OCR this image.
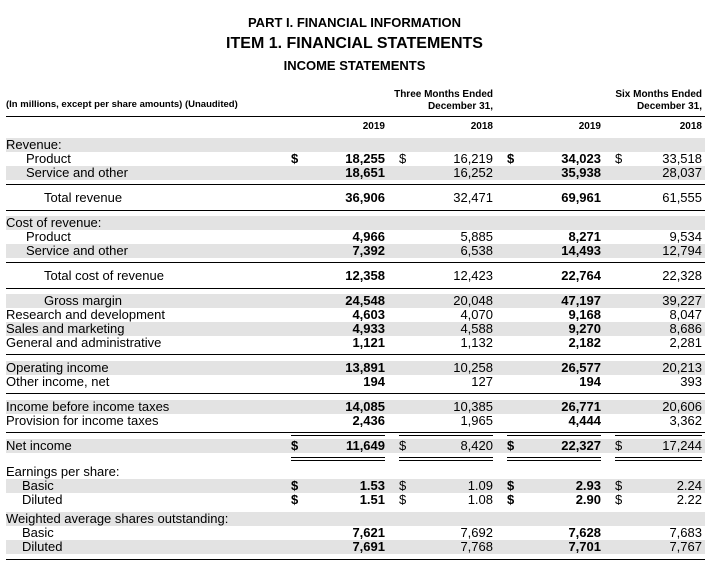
PART I. FINANCIAL INFORMATION
ITEM 1. FINANCIAL STATEMENTS
INCOME STATEMENTS
Three Months Ended
December 31,
Six Months Ended
December 31,
(In millions, except per share amounts) (Unaudited)
2019	2018	2019	2018
Revenue:
Product	$	18,255 $	16,219 $	34,023 $	33,518
Service and other	18,651	16,252	35,938	28,037
Total revenue	36,906	32,471	69,961	61,555
Cost of revenue:
Product	4,966	5,885	8,271	9,534
Service and other	7,392	6,538	14,493	12,794
Total cost of revenue	12,358	12,423	22,764	22,328
Gross margin	24,548	20,048	47,197	39,227
Research and development	4,603	4,070	9,168	8,047
Sales and marketing	4,933	4,588	9,270	8,686
General and administrative	1,121	1,132	2,182	2,281
Operating income	13,891	10,258	26,577	20,213
Other income, net	194	127	194	393
Income before income taxes	14,085	10,385	26,771	20,606
Provision for income taxes	2,436	1,965	4,444	3,362
Net income	$	11,649 $	8,420 $	22,327 $	17,244
Earnings per share:
Basic	$	1.53 $	1.09 $	2.93 $	2.24
Diluted	$	1.51 $	1.08 $	2.90 $	2.22
Weighted average shares outstanding:
Basic	7,621	7,692	7,628	7,683
Diluted	7,691	7,768	7,701	7,767
